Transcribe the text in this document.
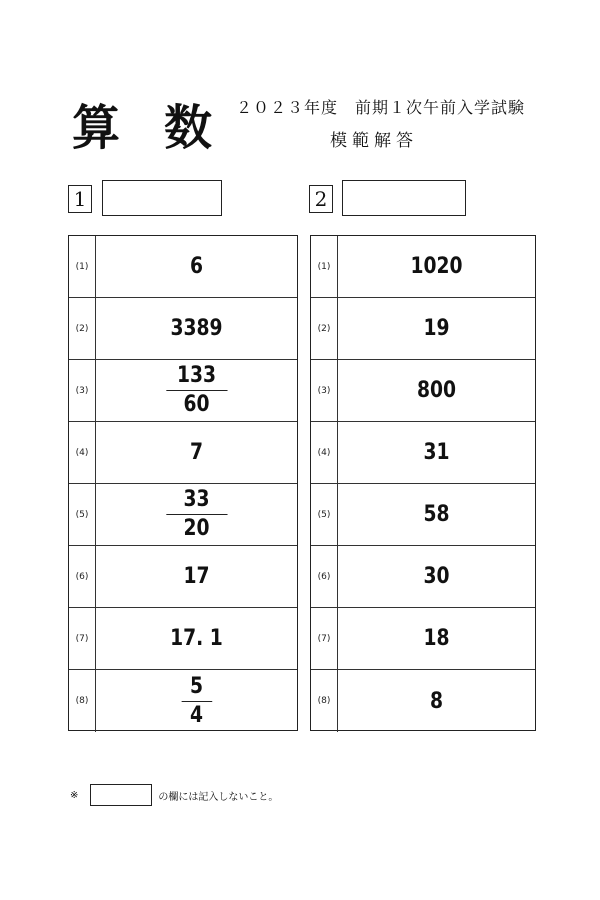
算数
２０２３年度　前期１次午前入学試験
模範解答
1	2
(1)	6
(2)	3389
(3)	$\frac{133}{60}$
(4)	7
(5)	$\frac{33}{20}$
(6)	17
(7)	17. 1
(8)	$\frac{5}{4}$
(1)	1020
(2)	19
(3)	800
(4)	31
(5)	58
(6)	30
(7)	18
(8)	8
※	の欄には記入しないこと。
